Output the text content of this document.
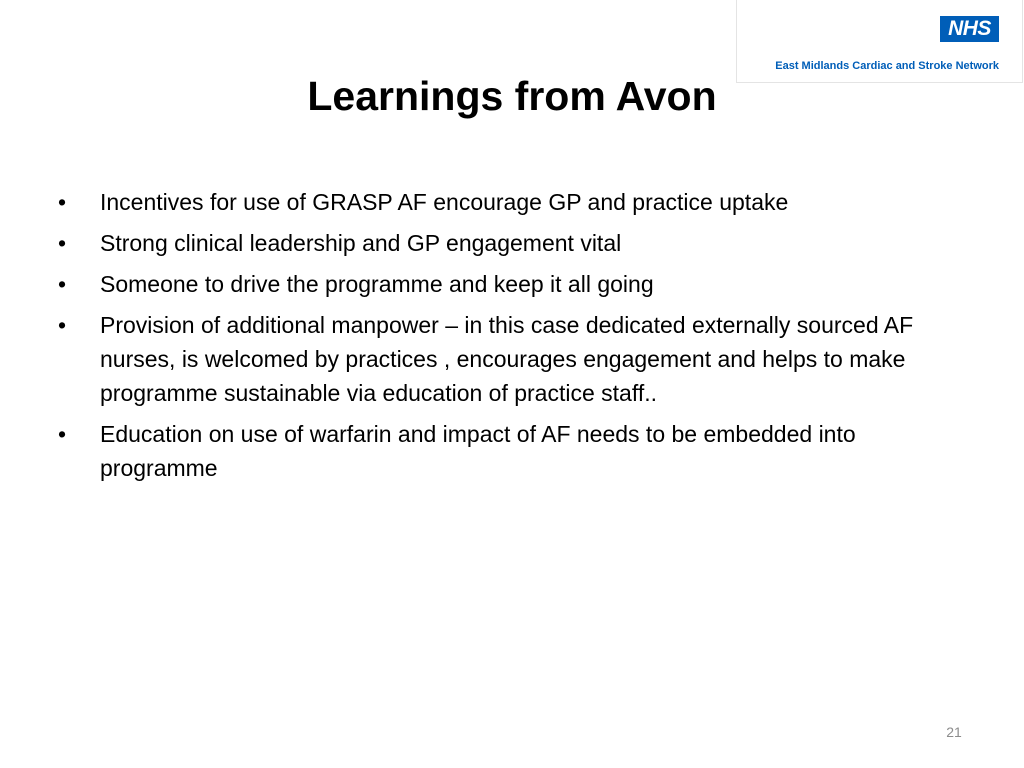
NHS
East Midlands Cardiac and Stroke Network
Learnings from Avon
•	Incentives for use of GRASP AF encourage GP and practice uptake
•	Strong clinical leadership and GP engagement vital
•	Someone to drive the programme and keep it all going
•	Provision of additional manpower – in this case dedicated externally sourced AF nurses, is welcomed by practices , encourages engagement and helps to make programme sustainable via education of practice staff..
•	Education on use of warfarin and impact of AF needs to be embedded into programme
21
